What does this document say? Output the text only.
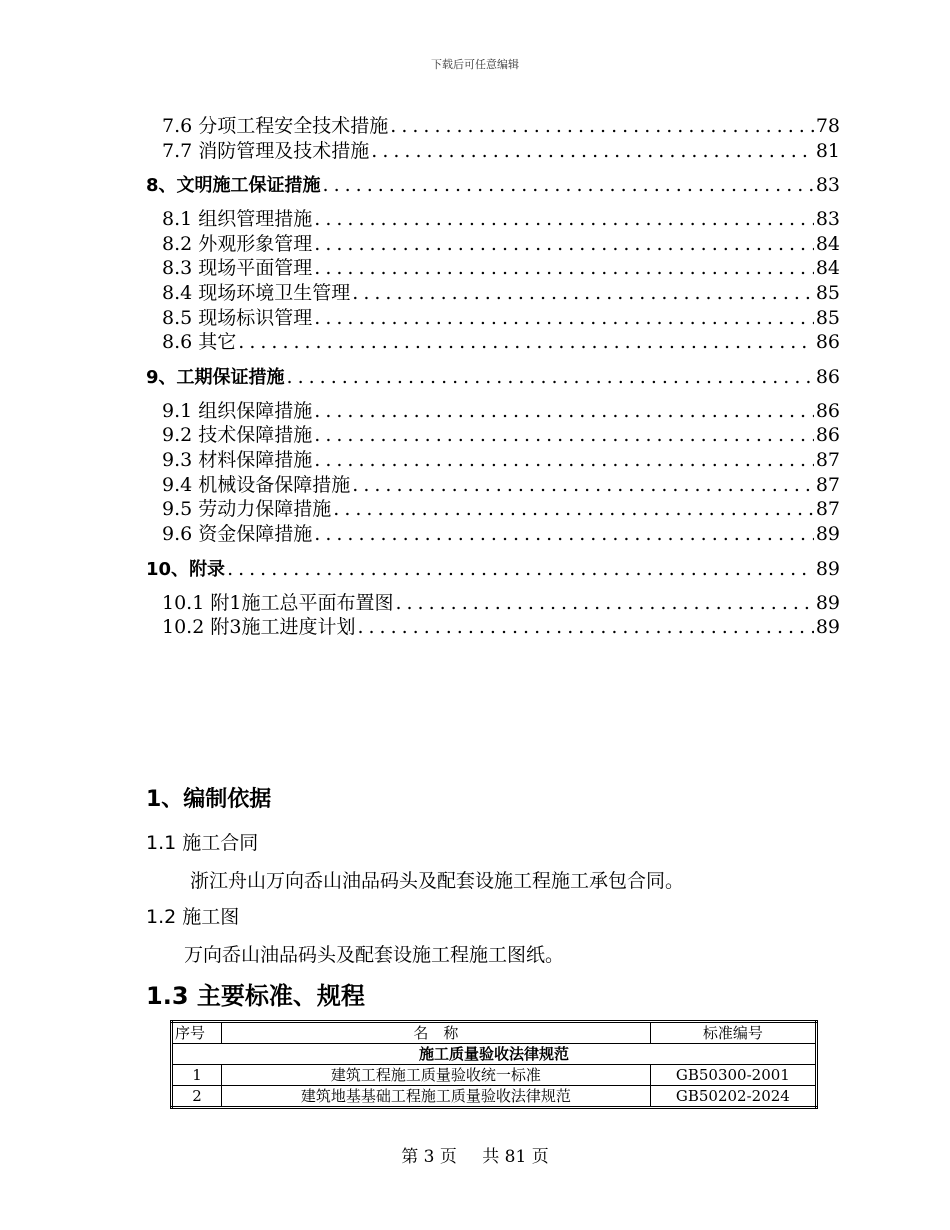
下载后可任意编辑
7.6 分项工程安全技术措施 .....	78
7.7 消防管理及技术措施 .....	81
8、文明施工保证措施 .....	83
8.1 组织管理措施 .....	83
8.2 外观形象管理 .....	84
8.3 现场平面管理 .....	84
8.4 现场环境卫生管理 .....	85
8.5 现场标识管理 .....	85
8.6 其它 .....	86
9、工期保证措施 .....	86
9.1 组织保障措施 .....	86
9.2 技术保障措施 .....	86
9.3 材料保障措施 .....	87
9.4 机械设备保障措施 .....	87
9.5 劳动力保障措施 .....	87
9.6 资金保障措施 .....	89
10、附录 .....	89
10.1 附1施工总平面布置图 .....	89
10.2 附3施工进度计划 .....	89
1、编制依据
1.1 施工合同
浙江舟山万向岙山油品码头及配套设施工程施工承包合同。
1.2 施工图
万向岙山油品码头及配套设施工程施工图纸。
1.3 主要标准、规程
序号	名　称	标准编号
施工质量验收法律规范		
1	建筑工程施工质量验收统一标准	GB50300-2001
2	建筑地基基础工程施工质量验收法律规范	GB50202-2024
第 3 页 共 81 页
